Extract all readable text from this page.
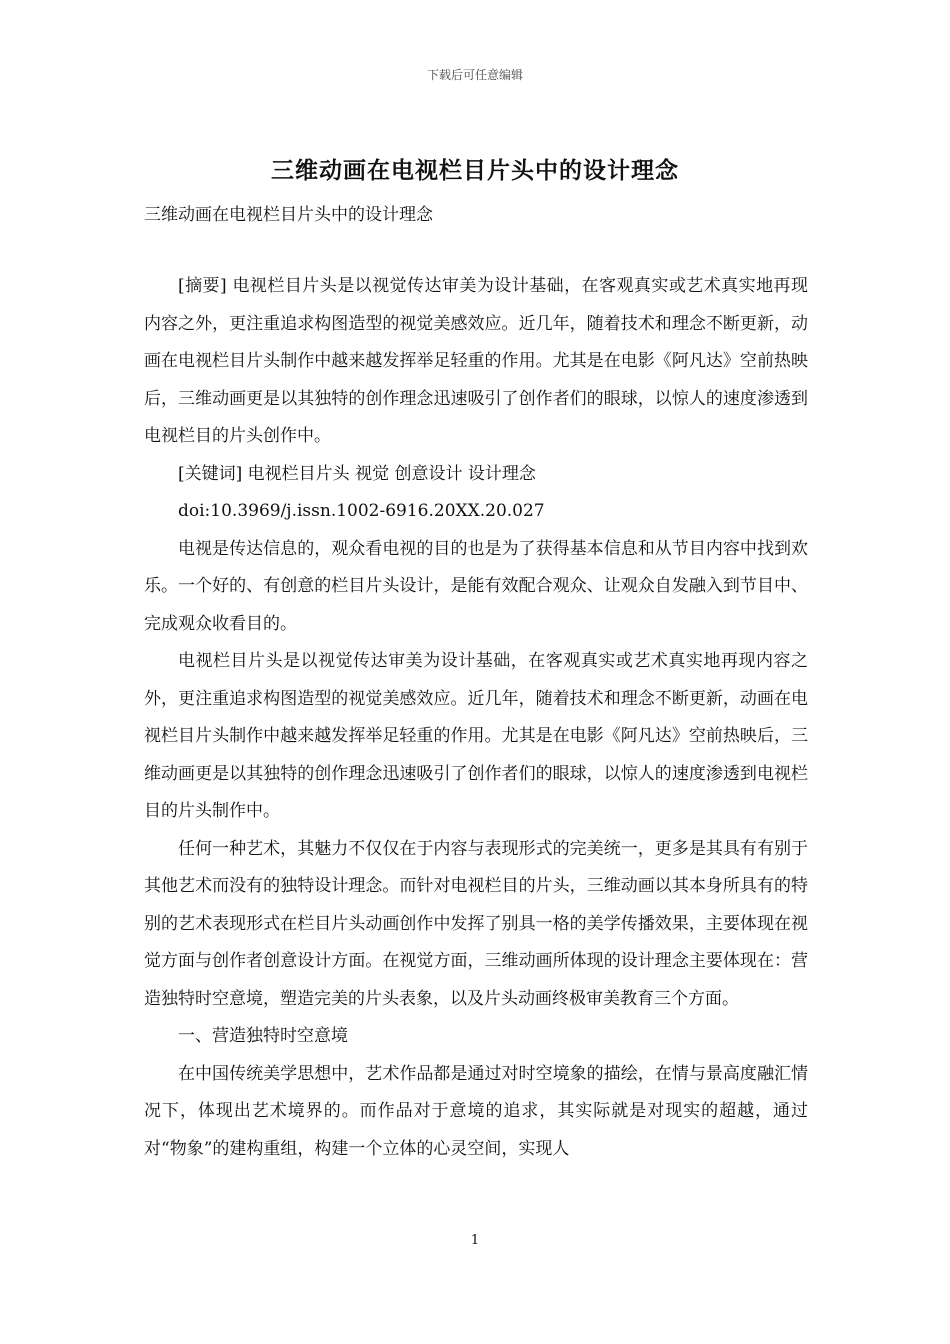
下载后可任意编辑
三维动画在电视栏目片头中的设计理念
三维动画在电视栏目片头中的设计理念

[摘要] 电视栏目片头是以视觉传达审美为设计基础，在客观真实或艺术真实地再现内容之外，更注重追求构图造型的视觉美感效应。近几年，随着技术和理念不断更新，动画在电视栏目片头制作中越来越发挥举足轻重的作用。尤其是在电影《阿凡达》空前热映后，三维动画更是以其独特的创作理念迅速吸引了创作者们的眼球，以惊人的速度渗透到电视栏目的片头创作中。

[关键词] 电视栏目片头 视觉 创意设计 设计理念

doi:10.3969/j.issn.1002-6916.20XX.20.027

电视是传达信息的，观众看电视的目的也是为了获得基本信息和从节目内容中找到欢乐。一个好的、有创意的栏目片头设计，是能有效配合观众、让观众自发融入到节目中、完成观众收看目的。

电视栏目片头是以视觉传达审美为设计基础，在客观真实或艺术真实地再现内容之外，更注重追求构图造型的视觉美感效应。近几年，随着技术和理念不断更新，动画在电视栏目片头制作中越来越发挥举足轻重的作用。尤其是在电影《阿凡达》空前热映后，三维动画更是以其独特的创作理念迅速吸引了创作者们的眼球，以惊人的速度渗透到电视栏目的片头制作中。

任何一种艺术，其魅力不仅仅在于内容与表现形式的完美统一，更多是其具有有别于其他艺术而没有的独特设计理念。而针对电视栏目的片头，三维动画以其本身所具有的特别的艺术表现形式在栏目片头动画创作中发挥了别具一格的美学传播效果，主要体现在视觉方面与创作者创意设计方面。在视觉方面，三维动画所体现的设计理念主要体现在：营造独特时空意境，塑造完美的片头表象，以及片头动画终极审美教育三个方面。

一、营造独特时空意境

在中国传统美学思想中，艺术作品都是通过对时空境象的描绘，在情与景高度融汇情况下，体现出艺术境界的。而作品对于意境的追求，其实际就是对现实的超越，通过对“物象”的建构重组，构建一个立体的心灵空间，实现人

1
